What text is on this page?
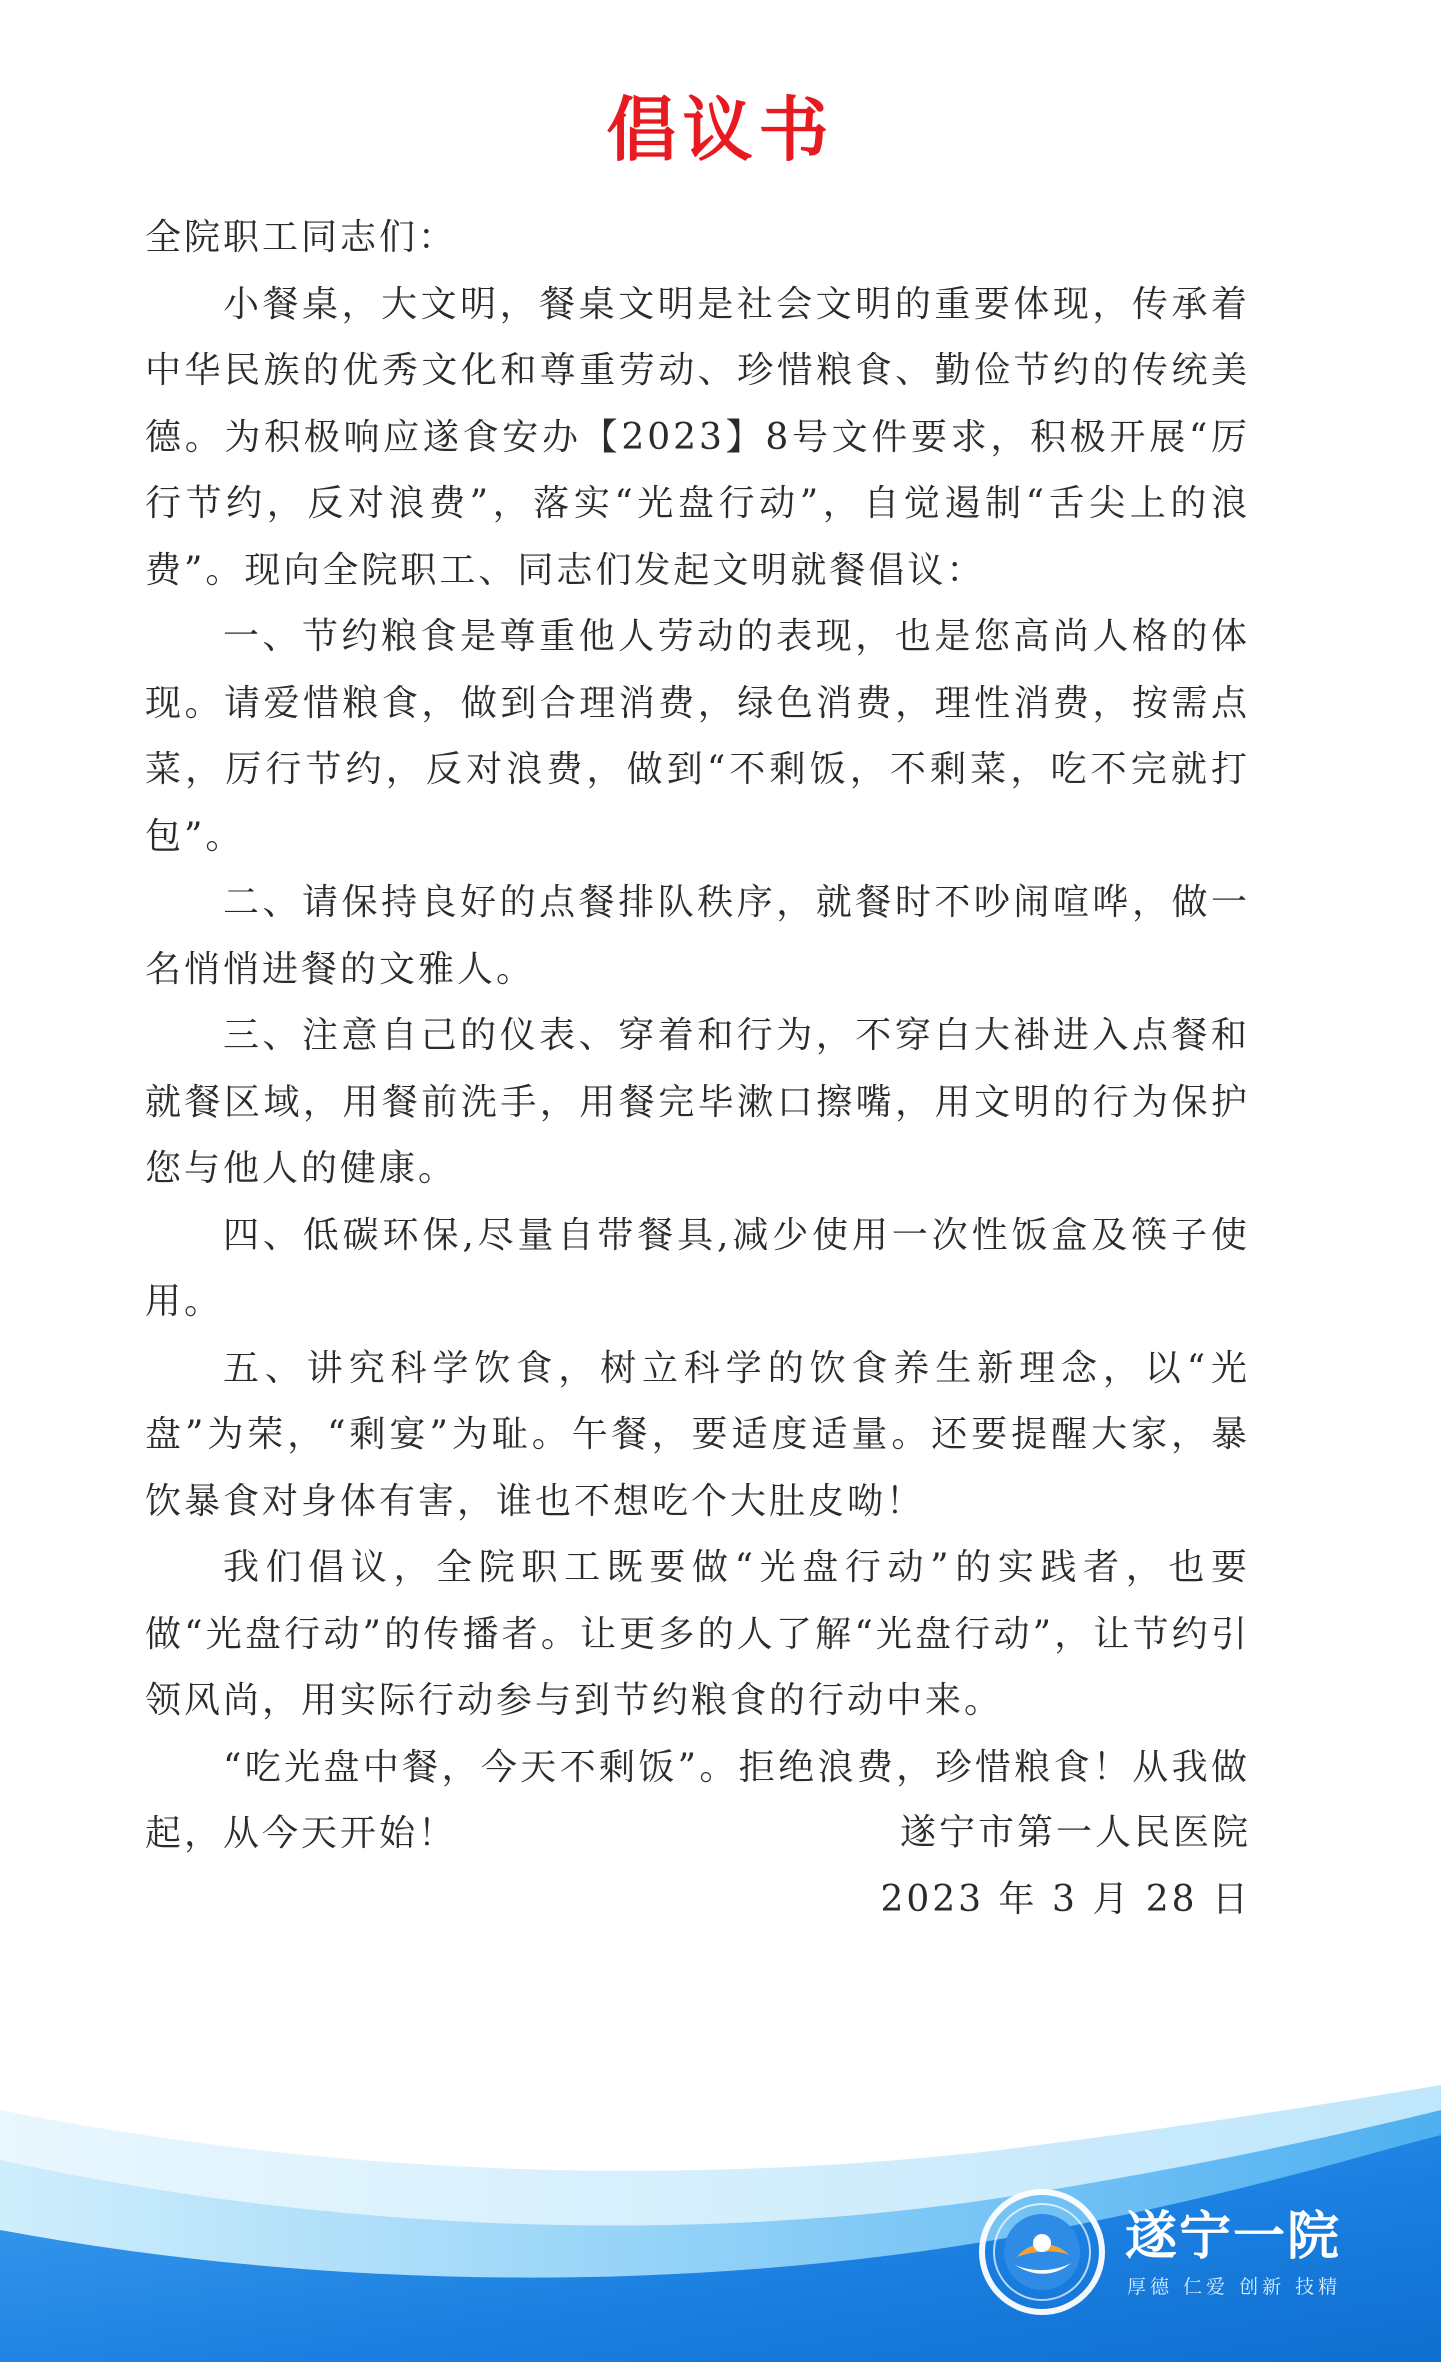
倡议书

全院职工同志们：

小餐桌，大文明，餐桌文明是社会文明的重要体现，传承着中华民族的优秀文化和尊重劳动、珍惜粮食、勤俭节约的传统美德。为积极响应遂食安办【2023】8号文件要求，积极开展“厉行节约，反对浪费”，落实“光盘行动”，自觉遏制“舌尖上的浪费”。现向全院职工、同志们发起文明就餐倡议：

一、节约粮食是尊重他人劳动的表现，也是您高尚人格的体现。请爱惜粮食，做到合理消费，绿色消费，理性消费，按需点菜，厉行节约，反对浪费，做到“不剩饭，不剩菜，吃不完就打包”。

二、请保持良好的点餐排队秩序，就餐时不吵闹喧哗，做一名悄悄进餐的文雅人。

三、注意自己的仪表、穿着和行为，不穿白大褂进入点餐和就餐区域，用餐前洗手，用餐完毕漱口擦嘴，用文明的行为保护您与他人的健康。

四、低碳环保,尽量自带餐具,减少使用一次性饭盒及筷子使用。

五、讲究科学饮食，树立科学的饮食养生新理念，以“光盘”为荣，“剩宴”为耻。午餐，要适度适量。还要提醒大家，暴饮暴食对身体有害，谁也不想吃个大肚皮呦！

我们倡议，全院职工既要做“光盘行动”的实践者，也要做“光盘行动”的传播者。让更多的人了解“光盘行动”，让节约引领风尚，用实际行动参与到节约粮食的行动中来。

“吃光盘中餐，今天不剩饭”。拒绝浪费，珍惜粮食！从我做起，从今天开始！	遂宁市第一人民医院
2023 年 3 月 28 日
遂宁一院
厚德 仁爱 创新 技精
